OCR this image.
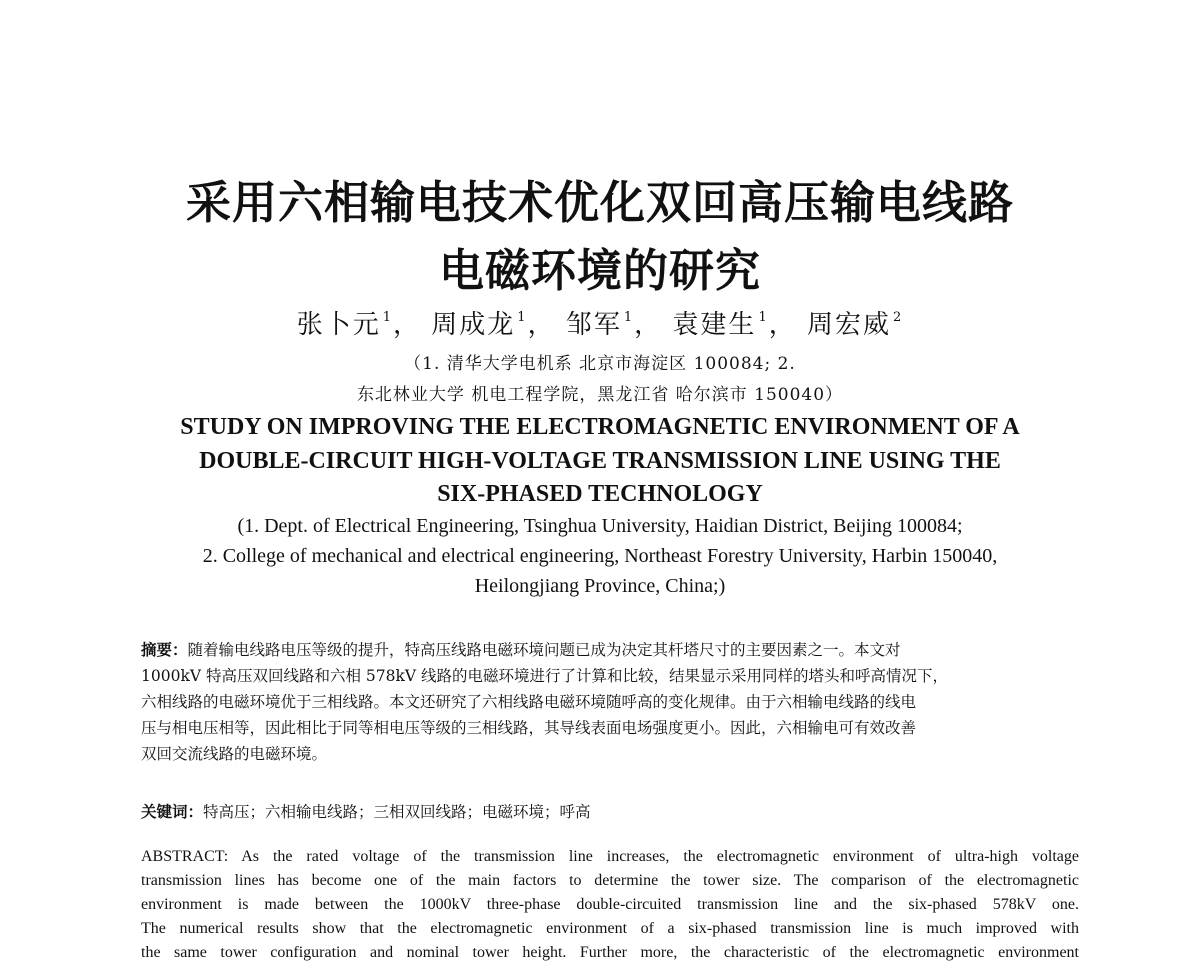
采用六相输电技术优化双回高压输电线路
电磁环境的研究
张卜元 $^1$， 周成龙 $^1$， 邹军 $^1$， 袁建生 $^1$， 周宏威 $^2$
（1. 清华大学电机系 北京市海淀区 100084; 2.
东北林业大学 机电工程学院，黑龙江省 哈尔滨市 150040）
STUDY ON IMPROVING THE ELECTROMAGNETIC ENVIRONMENT OF A
DOUBLE-CIRCUIT HIGH-VOLTAGE TRANSMISSION LINE USING THE
SIX-PHASED TECHNOLOGY
(1. Dept. of Electrical Engineering, Tsinghua University, Haidian District, Beijing 100084;
2. College of mechanical and electrical engineering, Northeast Forestry University, Harbin 150040,
Heilongjiang Province, China;)
摘要：随着输电线路电压等级的提升，特高压线路电磁环境问题已成为决定其杆塔尺寸的主要因素之一。本文对
1000kV 特高压双回线路和六相 578kV 线路的电磁环境进行了计算和比较，结果显示采用同样的塔头和呼高情况下，
六相线路的电磁环境优于三相线路。本文还研究了六相线路电磁环境随呼高的变化规律。由于六相输电线路的线电
压与相电压相等，因此相比于同等相电压等级的三相线路，其导线表面电场强度更小。因此，六相输电可有效改善
双回交流线路的电磁环境。
关键词：特高压；六相输电线路；三相双回线路；电磁环境；呼高
ABSTRACT: As the rated voltage of the transmission line increases, the electromagnetic environment of ultra-high voltage
transmission lines has become one of the main factors to determine the tower size. The comparison of the electromagnetic
environment is made between the 1000kV three-phase double-circuited transmission line and the six-phased 578kV one.
The numerical results show that the electromagnetic environment of a six-phased transmission line is much improved with
the same tower configuration and nominal tower height. Further more, the characteristic of the electromagnetic environment
